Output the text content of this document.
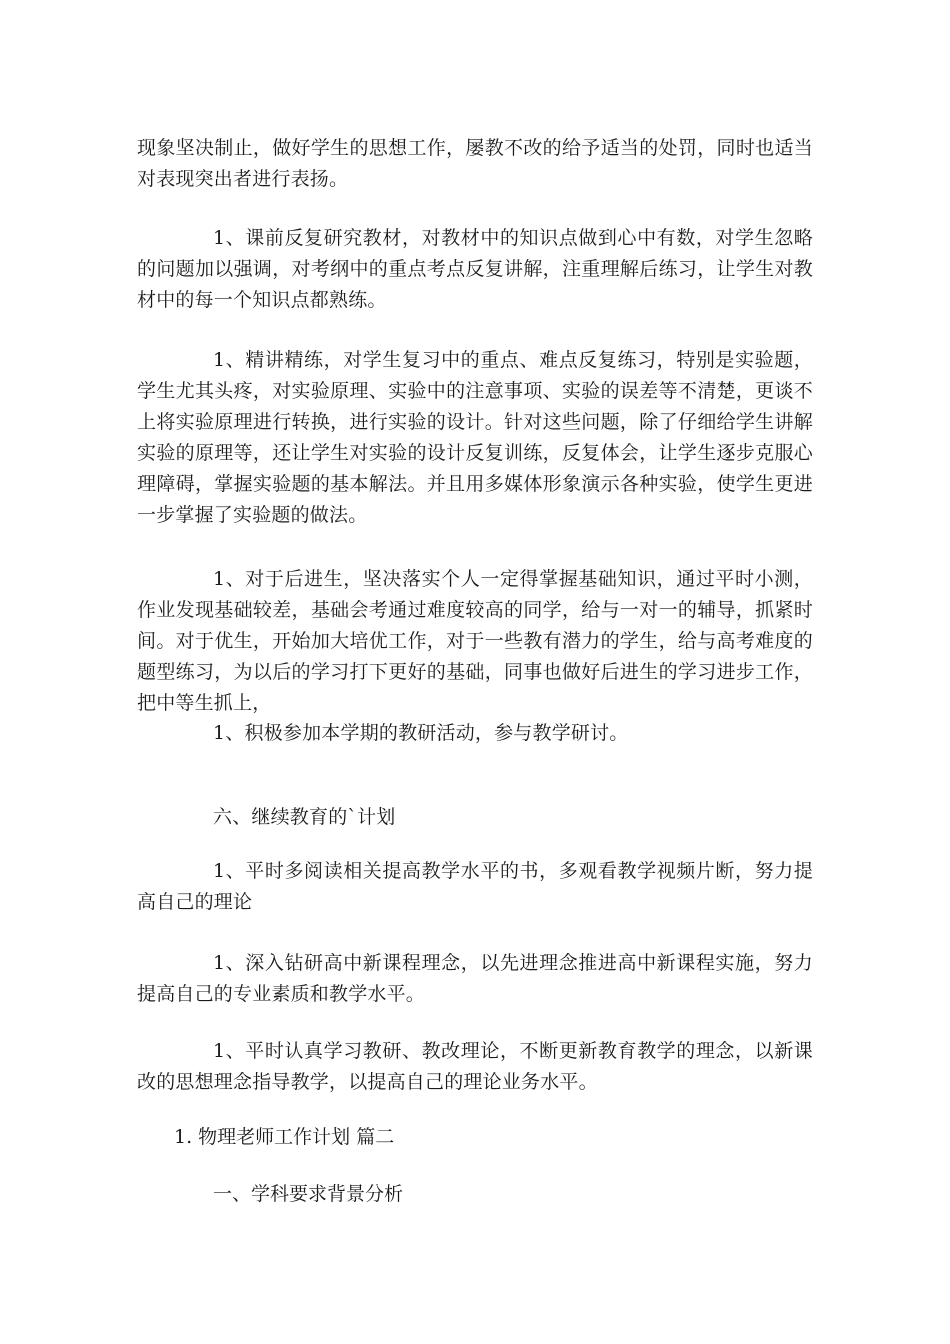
现象坚决制止，做好学生的思想工作，屡教不改的给予适当的处罚，同时也适当对表现突出者进行表扬。

1、课前反复研究教材，对教材中的知识点做到心中有数，对学生忽略的问题加以强调，对考纲中的重点考点反复讲解，注重理解后练习，让学生对教材中的每一个知识点都熟练。

1、精讲精练，对学生复习中的重点、难点反复练习，特别是实验题，学生尤其头疼，对实验原理、实验中的注意事项、实验的误差等不清楚，更谈不上将实验原理进行转换，进行实验的设计。针对这些问题，除了仔细给学生讲解实验的原理等，还让学生对实验的设计反复训练，反复体会，让学生逐步克服心理障碍，掌握实验题的基本解法。并且用多媒体形象演示各种实验，使学生更进一步掌握了实验题的做法。

1、对于后进生，坚决落实个人一定得掌握基础知识，通过平时小测，作业发现基础较差，基础会考通过难度较高的同学，给与一对一的辅导，抓紧时间。对于优生，开始加大培优工作，对于一些教有潜力的学生，给与高考难度的题型练习，为以后的学习打下更好的基础，同事也做好后进生的学习进步工作，把中等生抓上，

1、积极参加本学期的教研活动，参与教学研讨。

六、继续教育的`计划

1、平时多阅读相关提高教学水平的书，多观看教学视频片断，努力提高自己的理论

1、深入钻研高中新课程理念，以先进理念推进高中新课程实施，努力提高自己的专业素质和教学水平。

1、平时认真学习教研、教改理论，不断更新教育教学的理念，以新课改的思想理念指导教学，以提高自己的理论业务水平。

1. 物理老师工作计划 篇二

一、学科要求背景分析
